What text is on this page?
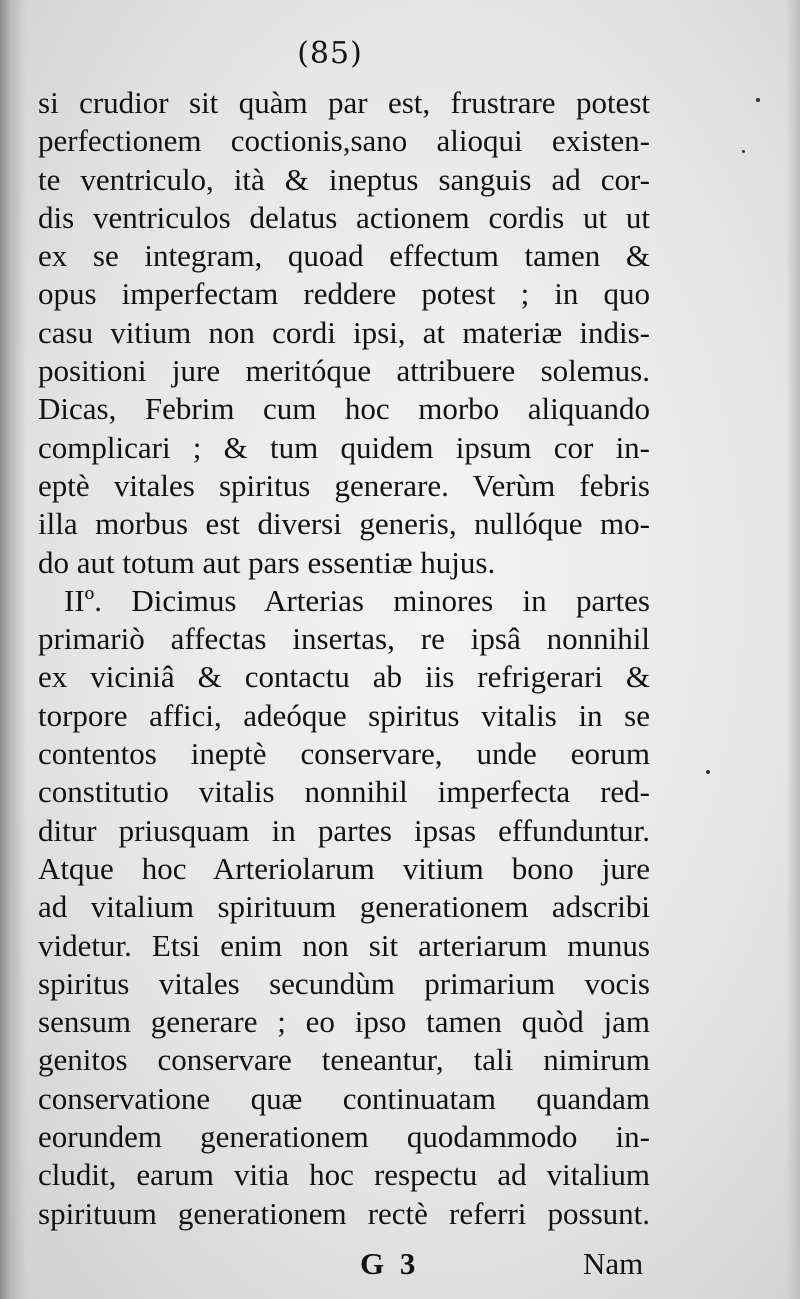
(85)
si crudior sit quàm par est, frustrare potest
perfectionem coctionis,sano alioqui existen-
te ventriculo, ità & ineptus sanguis ad cor-
dis ventriculos delatus actionem cordis ut ut
ex se integram, quoad effectum tamen &
opus imperfectam reddere potest ; in quo
casu vitium non cordi ipsi, at materiæ indis-
positioni jure meritóque attribuere solemus.
Dicas, Febrim cum hoc morbo aliquando
complicari ; & tum quidem ipsum cor in-
eptè vitales spiritus generare. Verùm febris
illa morbus est diversi generis, nullóque mo-
do aut totum aut pars essentiæ hujus.
IIº. Dicimus Arterias minores in partes
primariò affectas insertas, re ipsâ nonnihil
ex viciniâ & contactu ab iis refrigerari &
torpore affici, adeóque spiritus vitalis in se
contentos ineptè conservare, unde eorum
constitutio vitalis nonnihil imperfecta red-
ditur priusquam in partes ipsas effunduntur.
Atque hoc Arteriolarum vitium bono jure
ad vitalium spirituum generationem adscribi
videtur. Etsi enim non sit arteriarum munus
spiritus vitales secundùm primarium vocis
sensum generare ; eo ipso tamen quòd jam
genitos conservare teneantur, tali nimirum
conservatione quæ continuatam quandam
eorundem generationem quodammodo in-
cludit, earum vitia hoc respectu ad vitalium
spirituum generationem rectè referri possunt.
G 3	Nam
